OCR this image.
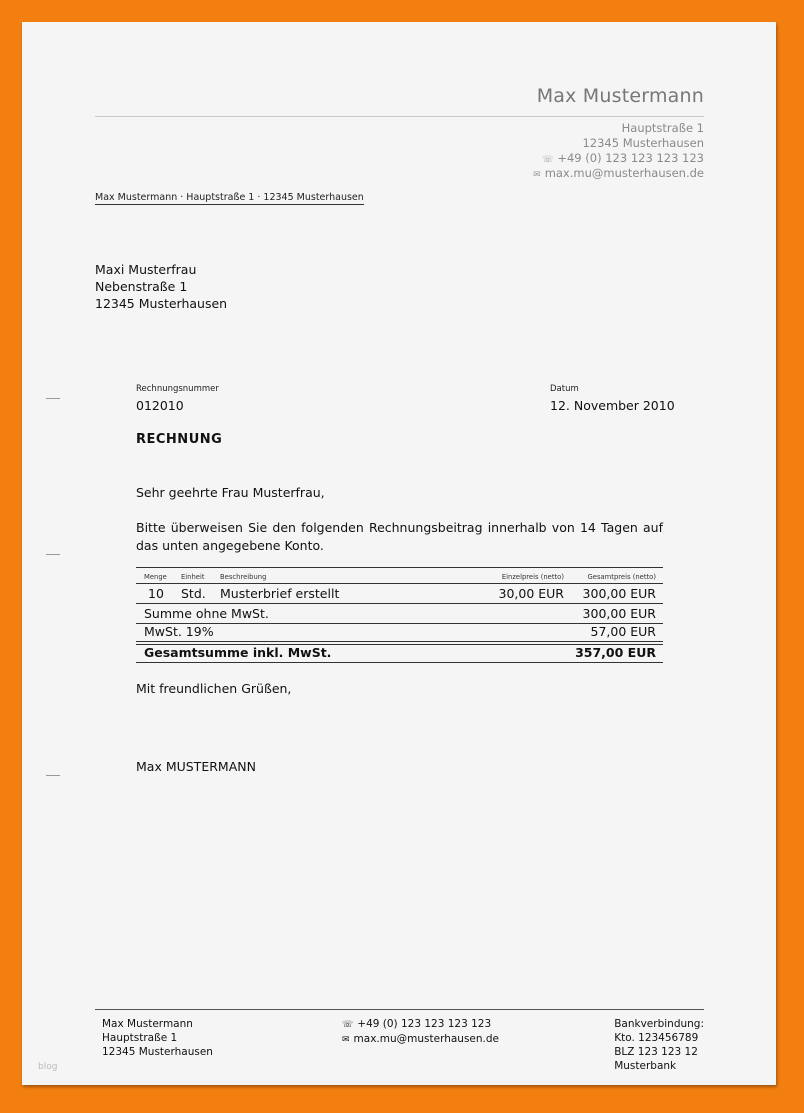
Max Mustermann
Hauptstraße 1
12345 Musterhausen
☏ +49 (0) 123 123 123 123
✉ max.mu@musterhausen.de
Max Mustermann · Hauptstraße 1 · 12345 Musterhausen
Maxi Musterfrau
Nebenstraße 1
12345 Musterhausen
Rechnungsnummer
012010
Datum
12. November 2010
RECHNUNG
Sehr geehrte Frau Musterfrau,
Bitte überweisen Sie den folgenden Rechnungsbeitrag innerhalb von 14 Tagen auf das unten angegebene Konto.
Menge Einheit Beschreibung	Einzelpreis (netto)	Gesamtpreis (netto)
10 Std. Musterbrief erstellt	30,00 EUR 300,00 EUR
Summe ohne MwSt.	300,00 EUR
MwSt. 19%	57,00 EUR
Gesamtsumme inkl. MwSt.	357,00 EUR
Mit freundlichen Grüßen,
Max MUSTERMANN
Max Mustermann
Hauptstraße 1
12345 Musterhausen
☏ +49 (0) 123 123 123 123
✉ max.mu@musterhausen.de
Bankverbindung:
Kto. 123456789
BLZ 123 123 12
Musterbank
blog
